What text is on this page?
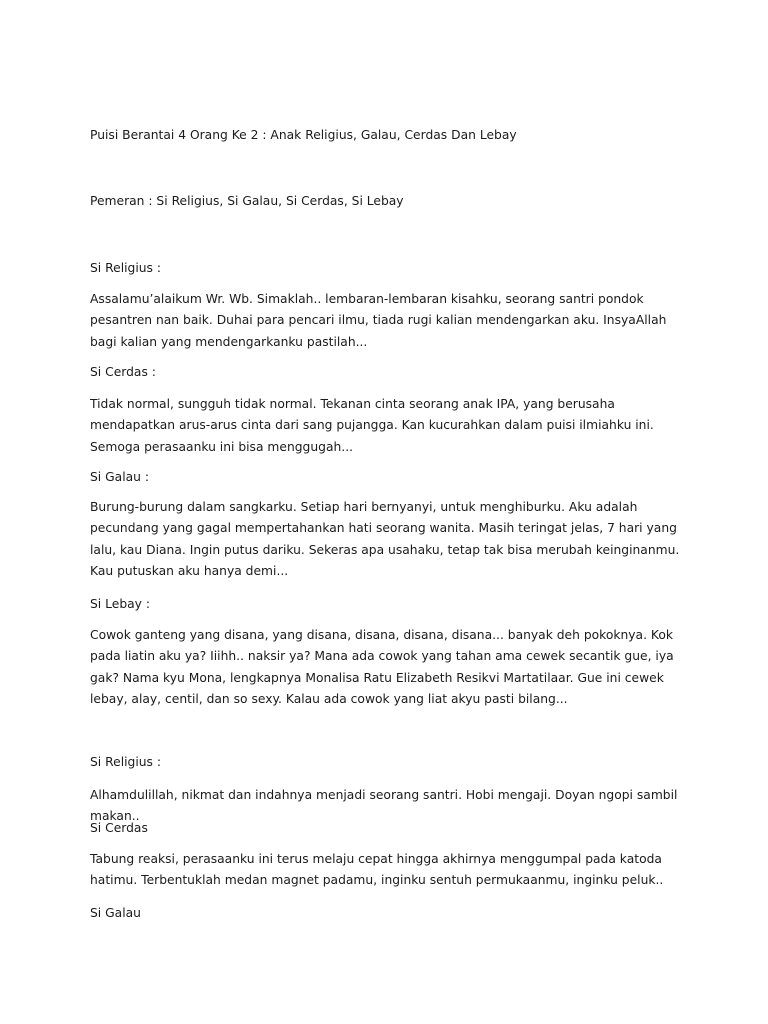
Puisi Berantai 4 Orang Ke 2 : Anak Religius, Galau, Cerdas Dan Lebay

Pemeran : Si Religius, Si Galau, Si Cerdas, Si Lebay

Si Religius :

Assalamu’alaikum Wr. Wb. Simaklah.. lembaran-lembaran kisahku, seorang santri pondok pesantren nan baik. Duhai para pencari ilmu, tiada rugi kalian mendengarkan aku. InsyaAllah bagi kalian yang mendengarkanku pastilah...

Si Cerdas :

Tidak normal, sungguh tidak normal. Tekanan cinta seorang anak IPA, yang berusaha mendapatkan arus-arus cinta dari sang pujangga. Kan kucurahkan dalam puisi ilmiahku ini. Semoga perasaanku ini bisa menggugah...

Si Galau :

Burung-burung dalam sangkarku. Setiap hari bernyanyi, untuk menghiburku. Aku adalah pecundang yang gagal mempertahankan hati seorang wanita. Masih teringat jelas, 7 hari yang lalu, kau Diana. Ingin putus dariku. Sekeras apa usahaku, tetap tak bisa merubah keinginanmu. Kau putuskan aku hanya demi...

Si Lebay :

Cowok ganteng yang disana, yang disana, disana, disana, disana... banyak deh pokoknya. Kok pada liatin aku ya? Iiihh.. naksir ya? Mana ada cowok yang tahan ama cewek secantik gue, iya gak? Nama kyu Mona, lengkapnya Monalisa Ratu Elizabeth Resikvi Martatilaar. Gue ini cewek lebay, alay, centil, dan so sexy. Kalau ada cowok yang liat akyu pasti bilang...

Si Religius :

Alhamdulillah, nikmat dan indahnya menjadi seorang santri. Hobi mengaji. Doyan ngopi sambil makan..

Si Cerdas

Tabung reaksi, perasaanku ini terus melaju cepat hingga akhirnya menggumpal pada katoda hatimu. Terbentuklah medan magnet padamu, inginku sentuh permukaanmu, inginku peluk..

Si Galau
